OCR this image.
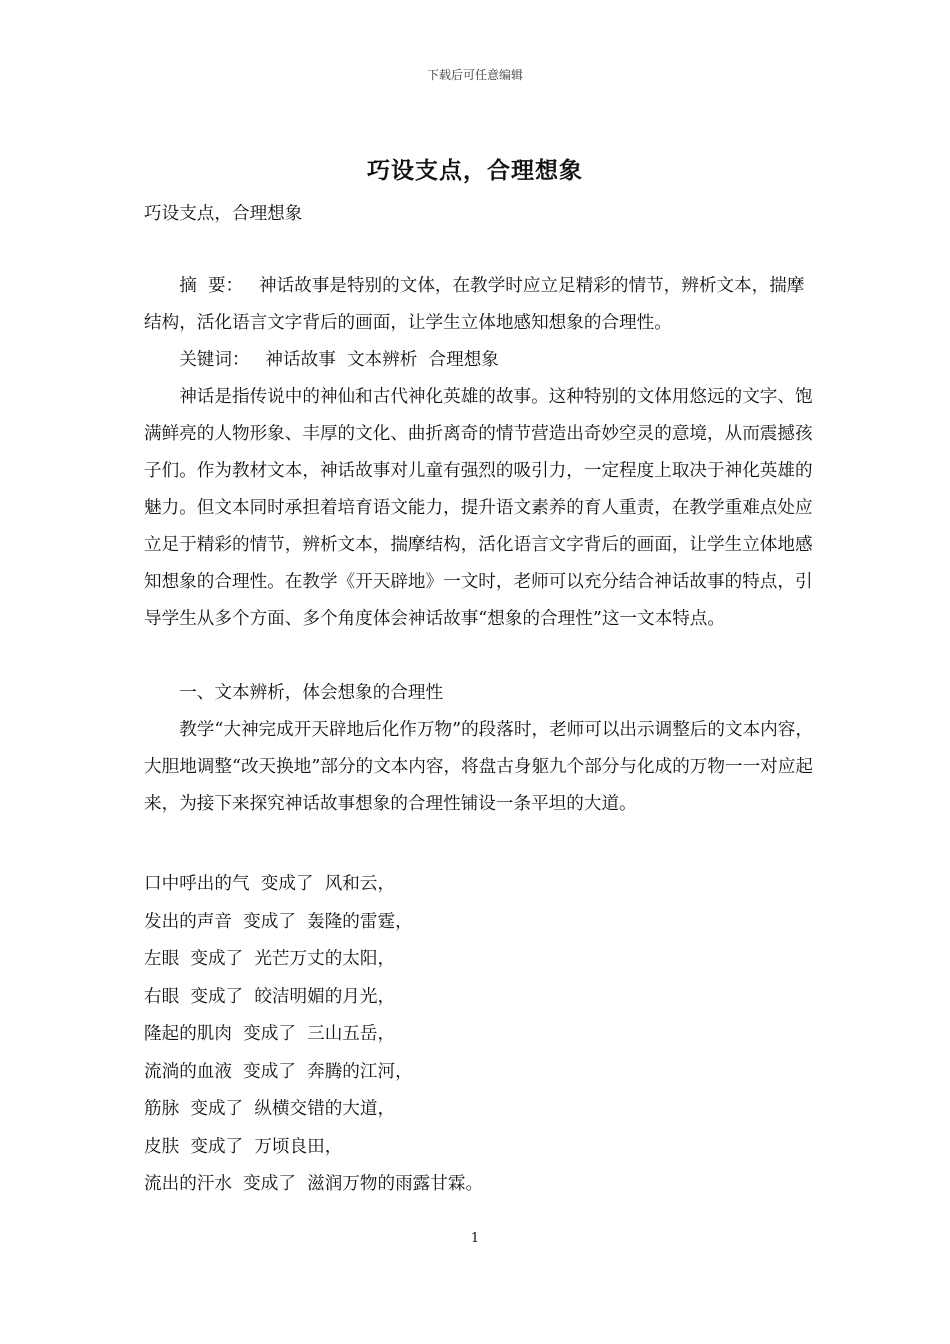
下载后可任意编辑
巧设支点，合理想象
巧设支点，合理想象

摘  要： 神话故事是特别的文体，在教学时应立足精彩的情节，辨析文本，揣摩结构，活化语言文字背后的画面，让学生立体地感知想象的合理性。

关键词： 神话故事  文本辨析  合理想象

神话是指传说中的神仙和古代神化英雄的故事。这种特别的文体用悠远的文字、饱满鲜亮的人物形象、丰厚的文化、曲折离奇的情节营造出奇妙空灵的意境，从而震撼孩子们。作为教材文本，神话故事对儿童有强烈的吸引力，一定程度上取决于神化英雄的魅力。但文本同时承担着培育语文能力，提升语文素养的育人重责，在教学重难点处应立足于精彩的情节，辨析文本，揣摩结构，活化语言文字背后的画面，让学生立体地感知想象的合理性。在教学《开天辟地》一文时，老师可以充分结合神话故事的特点，引导学生从多个方面、多个角度体会神话故事“想象的合理性”这一文本特点。

一、文本辨析，体会想象的合理性

教学“大神完成开天辟地后化作万物”的段落时，老师可以出示调整后的文本内容，大胆地调整“改天换地”部分的文本内容，将盘古身躯九个部分与化成的万物一一对应起来，为接下来探究神话故事想象的合理性铺设一条平坦的大道。

口中呼出的气  变成了  风和云，

发出的声音  变成了  轰隆的雷霆，

左眼  变成了  光芒万丈的太阳，

右眼  变成了  皎洁明媚的月光，

隆起的肌肉  变成了  三山五岳，

流淌的血液  变成了  奔腾的江河，

筋脉  变成了  纵横交错的大道，

皮肤  变成了  万顷良田，

流出的汗水  变成了  滋润万物的雨露甘霖。

1
